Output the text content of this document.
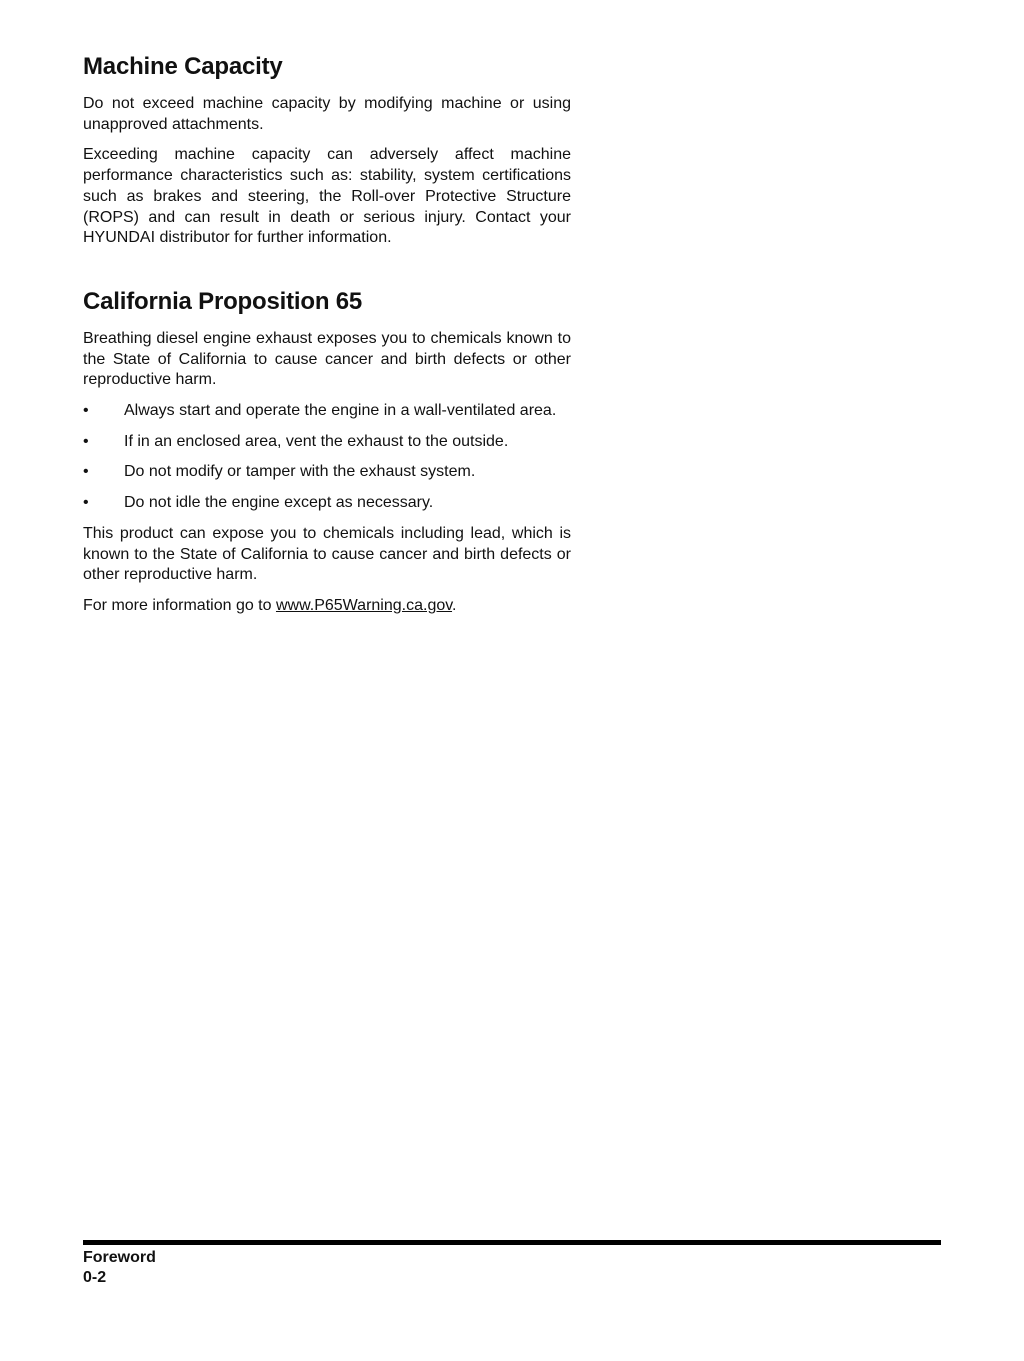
Machine Capacity

Do not exceed machine capacity by modifying machine or using unapproved attachments.

Exceeding machine capacity can adversely affect machine performance characteristics such as: stability, system certifications such as brakes and steering, the Roll-over Protective Structure (ROPS) and can result in death or serious injury. Contact your HYUNDAI distributor for further information.

California Proposition 65

Breathing diesel engine exhaust exposes you to chemicals known to the State of California to cause cancer and birth defects or other reproductive harm.

• Always start and operate the engine in a wall-ventilated area.
• If in an enclosed area, vent the exhaust to the outside.
• Do not modify or tamper with the exhaust system.
• Do not idle the engine except as necessary.

This product can expose you to chemicals including lead, which is known to the State of California to cause cancer and birth defects or other reproductive harm.

For more information go to www.P65Warning.ca.gov.

Foreword
0-2
